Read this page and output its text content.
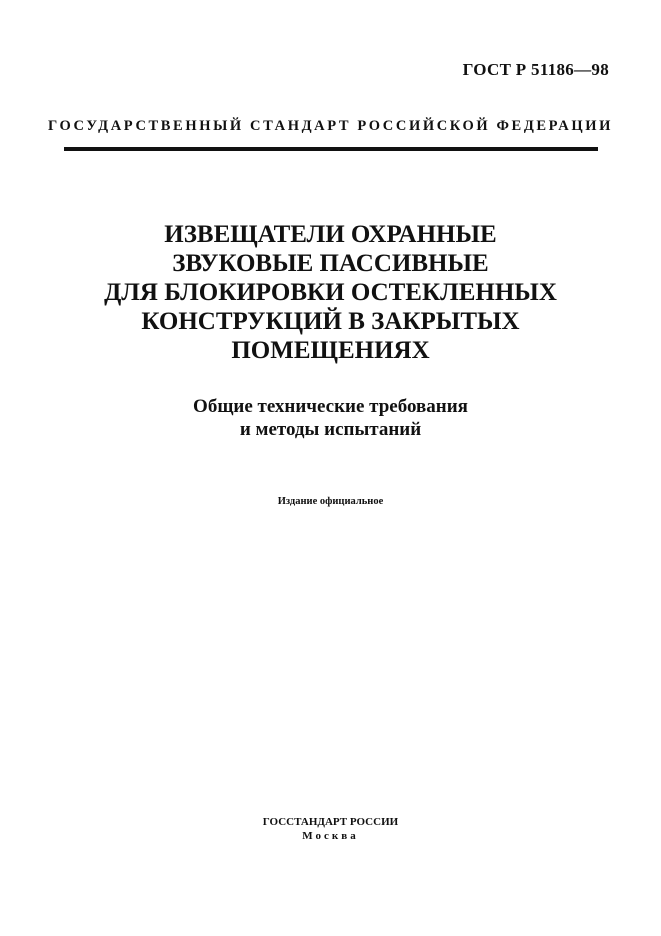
ГОСТ Р 51186—98
ГОСУДАРСТВЕННЫЙ СТАНДАРТ РОССИЙСКОЙ ФЕДЕРАЦИИ
ИЗВЕЩАТЕЛИ ОХРАННЫЕ
ЗВУКОВЫЕ ПАССИВНЫЕ
ДЛЯ БЛОКИРОВКИ ОСТЕКЛЕННЫХ
КОНСТРУКЦИЙ В ЗАКРЫТЫХ
ПОМЕЩЕНИЯХ
Общие технические требования
и методы испытаний
Издание официальное
ГОССТАНДАРТ РОССИИ
Москва
